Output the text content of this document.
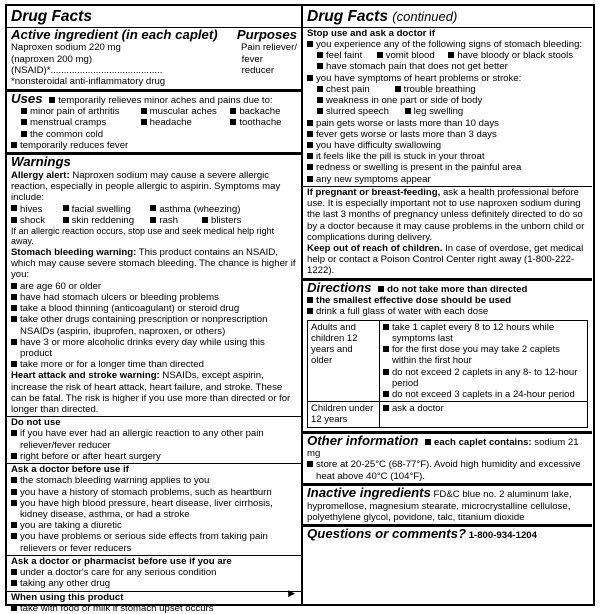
Drug Facts
Active ingredient (in each caplet) Purposes
Naproxen sodium 220 mg	Pain reliever/
(naproxen 200 mg) (NSAID)*..........................................
fever reducer
*nonsteroidal anti-inflammatory drug
Uses temporarily relieves minor aches and pains due to:
minor pain of arthritis	muscular aches backache
menstrual cramps	headache	toothache
the common cold
temporarily reduces fever
Warnings
Allergy alert: Naproxen sodium may cause a severe allergic reaction, especially in people allergic to aspirin. Symptoms may include:
hives	facial swelling	asthma (wheezing)
shock	skin reddening	rash	blisters
If an allergic reaction occurs, stop use and seek medical help right away.
Stomach bleeding warning: This product contains an NSAID, which may cause severe stomach bleeding. The chance is higher if you:
are age 60 or older
have had stomach ulcers or bleeding problems
take a blood thinning (anticoagulant) or steroid drug
take other drugs containing prescription or nonprescription NSAIDs (aspirin, ibuprofen, naproxen, or others)
have 3 or more alcoholic drinks every day while using this product
take more or for a longer time than directed
Heart attack and stroke warning: NSAIDs, except aspirin, increase the risk of heart attack, heart failure, and stroke. These can be fatal. The risk is higher if you use more than directed or for longer than directed.
Do not use
if you have ever had an allergic reaction to any other pain reliever/fever reducer
right before or after heart surgery
Ask a doctor before use if
the stomach bleeding warning applies to you
you have a history of stomach problems, such as heartburn
you have high blood pressure, heart disease, liver cirrhosis, kidney disease, asthma, or had a stroke
you are taking a diuretic
you have problems or serious side effects from taking pain relievers or fever reducers
Ask a doctor or pharmacist before use if you are
under a doctor's care for any serious condition
taking any other drug
When using this product
take with food or milk if stomach upset occurs
▶
Drug Facts (continued)
Stop use and ask a doctor if
you experience any of the following signs of stomach bleeding:
feel faint vomit blood have bloody or black stools
have stomach pain that does not get better
you have symptoms of heart problems or stroke:
chest pain	trouble breathing
weakness in one part or side of body
slurred speech	leg swelling
pain gets worse or lasts more than 10 days
fever gets worse or lasts more than 3 days
you have difficulty swallowing
it feels like the pill is stuck in your throat
redness or swelling is present in the painful area
any new symptoms appear
If pregnant or breast-feeding, ask a health professional before use. It is especially important not to use naproxen sodium during the last 3 months of pregnancy unless definitely directed to do so by a doctor because it may cause problems in the unborn child or complications during delivery.
Keep out of reach of children. In case of overdose, get medical help or contact a Poison Control Center right away (1-800-222-1222).
Directions do not take more than directed
the smallest effective dose should be used
drink a full glass of water with each dose
Adults and children 12 years and older	take 1 caplet every 8 to 12 hours while symptoms last
for the first dose you may take 2 caplets within the first hour
do not exceed 2 caplets in any 8- to 12-hour period
do not exceed 3 caplets in a 24-hour period

Children under 12 years	ask a doctor
Other information each caplet contains: sodium 21 mg
store at 20-25°C (68-77°F). Avoid high humidity and excessive heat above 40°C (104°F).
Inactive ingredients FD&C blue no. 2 aluminum lake, hypromellose, magnesium stearate, microcrystalline cellulose, polyethylene glycol, povidone, talc, titanium dioxide
Questions or comments? 1-800-934-1204
